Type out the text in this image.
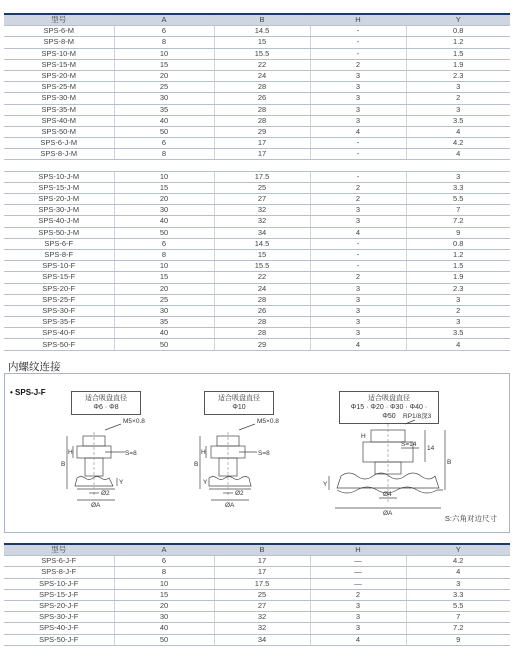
型号	A	B	H	Y
SPS-6-M	6	14.5	-	0.8
SPS-8-M	8	15	-	1.2
SPS-10-M	10	15.5	-	1.5
SPS-15-M	15	22	2	1.9
SPS-20-M	20	24	3	2.3
SPS-25-M	25	28	3	3
SPS-30-M	30	26	3	2
SPS-35-M	35	28	3	3
SPS-40-M	40	28	3	3.5
SPS-50-M	50	29	4	4
SPS-6-J-M	6	17	-	4.2
SPS-8-J-M	8	17	-	4

SPS-10-J-M	10	17.5	-	3
SPS-15-J-M	15	25	2	3.3
SPS-20-J-M	20	27	2	5.5
SPS-30-J-M	30	32	3	7
SPS-40-J-M	40	32	3	7.2
SPS-50-J-M	50	34	4	9
SPS-6-F	6	14.5	-	0.8
SPS-8-F	8	15	-	1.2
SPS-10-F	10	15.5	-	1.5
SPS-15-F	15	22	2	1.9
SPS-20-F	20	24	3	2.3
SPS-25-F	25	28	3	3
SPS-30-F	30	26	3	2
SPS-35-F	35	28	3	3
SPS-40-F	40	28	3	3.5
SPS-50-F	50	29	4	4
内螺纹连接
• SPS-J-F
适合吸盘直径
Φ6 · Φ8
适合吸盘直径
Φ10
适合吸盘直径
Φ15 · Φ20 · Φ30 · Φ40 · Φ50
M5×0.8
S=8
B
H
Y
Ø2
ØA
M5×0.8
S=8
B
H
Y
Ø2
ØA
RP1/8深3
S=14
14
B
Y
H
Ø4
ØA
S:六角对边尺寸
型号	A	B	H	Y
SPS-6-J-F	6	17	—	4.2
SPS-8-J-F	8	17	—	4
SPS-10-J-F	10	17.5	—	3
SPS-15-J-F	15	25	2	3.3
SPS-20-J-F	20	27	3	5.5
SPS-30-J-F	30	32	3	7
SPS-40-J-F	40	32	3	7.2
SPS-50-J-F	50	34	4	9
